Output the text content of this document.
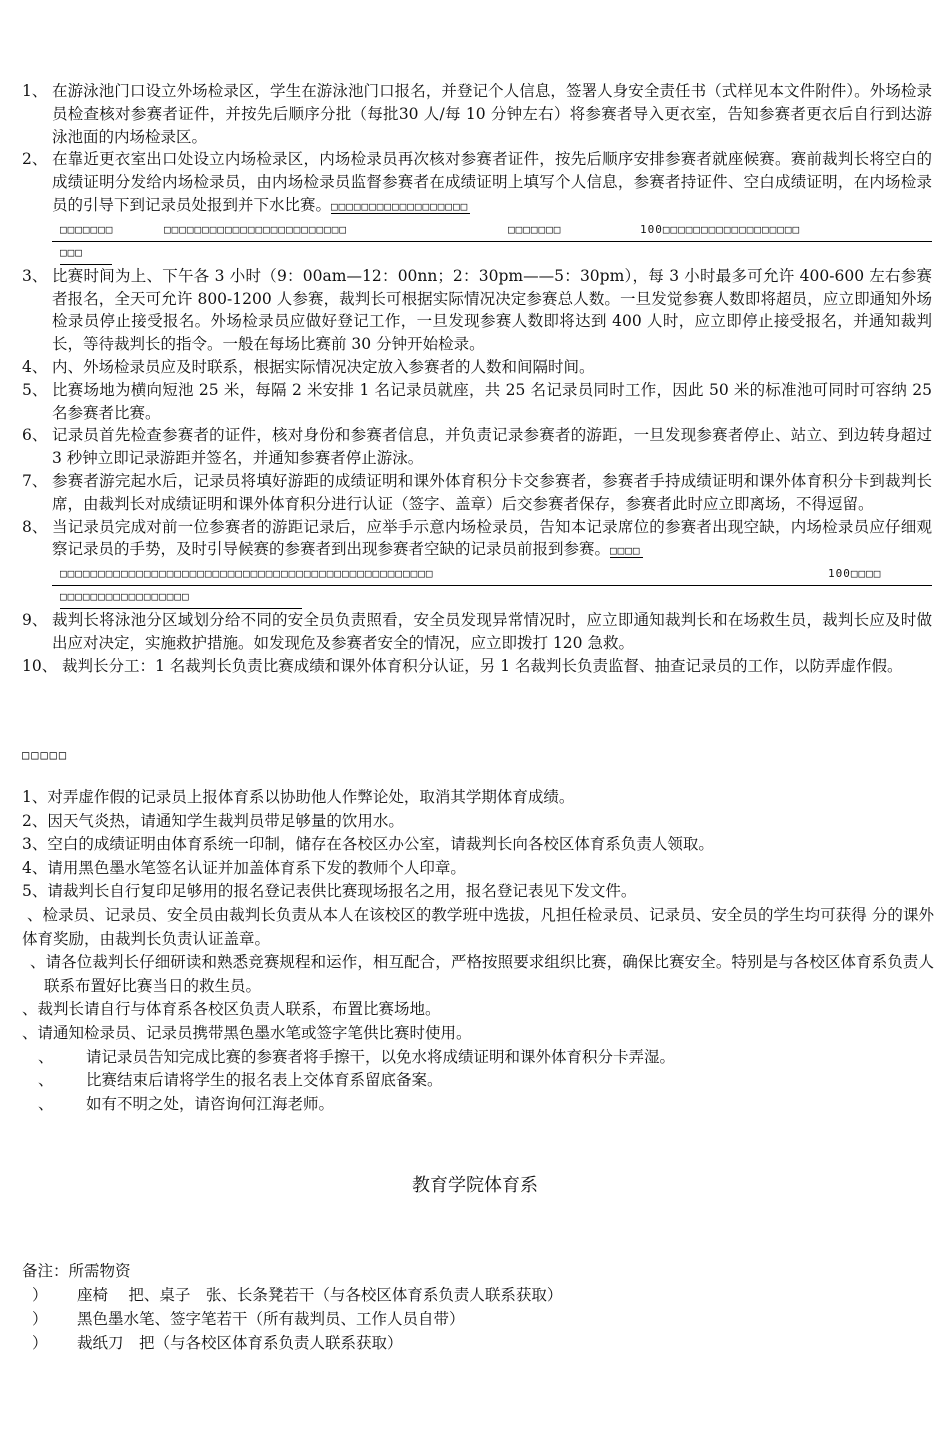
1、 在游泳池门口设立外场检录区，学生在游泳池门口报名，并登记个人信息，签署人身安全责任书（式样见本文件附件）。外场检录员检查核对参赛者证件，并按先后顺序分批（每批30 人/每 10 分钟左右）将参赛者导入更衣室，告知参赛者更衣后自行到达游泳池面的内场检录区。
2、 在靠近更衣室出口处设立内场检录区，内场检录员再次核对参赛者证件，按先后顺序安排参赛者就座候赛。赛前裁判长将空白的成绩证明分发给内场检录员，由内场检录员监督参赛者在成绩证明上填写个人信息，参赛者持证件、空白成绩证明，在内场检录员的引导下到记录员处报到并下水比赛。□□□□□□□□□□□□□□□□□□
□□□□□□□	□□□□□□□□□□□□□□□□□□□□□□□□	□□□□□□□	100□□□□□□□□□□□□□□□□□□
□□□
3、 比赛时间为上、下午各 3 小时（9：00am—12：00nn；2：30pm——5：30pm），每 3 小时最多可允许 400-600 左右参赛者报名，全天可允许 800-1200 人参赛，裁判长可根据实际情况决定参赛总人数。一旦发觉参赛人数即将超员，应立即通知外场检录员停止接受报名。外场检录员应做好登记工作，一旦发现参赛人数即将达到 400 人时，应立即停止接受报名，并通知裁判长，等待裁判长的指令。一般在每场比赛前 30 分钟开始检录。
4、 内、外场检录员应及时联系，根据实际情况决定放入参赛者的人数和间隔时间。
5、 比赛场地为横向短池 25 米，每隔 2 米安排 1 名记录员就座，共 25 名记录员同时工作，因此 50 米的标准池可同时可容纳 25 名参赛者比赛。
6、 记录员首先检查参赛者的证件，核对身份和参赛者信息，并负责记录参赛者的游距，一旦发现参赛者停止、站立、到边转身超过 3 秒钟立即记录游距并签名，并通知参赛者停止游泳。
7、 参赛者游完起水后，记录员将填好游距的成绩证明和课外体育积分卡交参赛者，参赛者手持成绩证明和课外体育积分卡到裁判长席，由裁判长对成绩证明和课外体育积分进行认证（签字、盖章）后交参赛者保存，参赛者此时应立即离场，不得逗留。
8、 当记录员完成对前一位参赛者的游距记录后，应举手示意内场检录员，告知本记录席位的参赛者出现空缺，内场检录员应仔细观察记录员的手势，及时引导候赛的参赛者到出现参赛者空缺的记录员前报到参赛。□□□□
□□□□□□□□□□□□□□□□□□□□□□□□□□□□□□□□□□□□□□□□□□□□□□□□□	100□□□□
□□□□□□□□□□□□□□□□□
9、 裁判长将泳池分区域划分给不同的安全员负责照看，安全员发现异常情况时，应立即通知裁判长和在场救生员，裁判长应及时做出应对决定，实施救护措施。如发现危及参赛者安全的情况，应立即拨打 120 急救。
10、 裁判长分工：1 名裁判长负责比赛成绩和课外体育积分认证，另 1 名裁判长负责监督、抽查记录员的工作，以防弄虚作假。
□□□□□
1、对弄虚作假的记录员上报体育系以协助他人作弊论处，取消其学期体育成绩。
2、因天气炎热，请通知学生裁判员带足够量的饮用水。
3、空白的成绩证明由体育系统一印制，储存在各校区办公室，请裁判长向各校区体育系负责人领取。
4、请用黑色墨水笔签名认证并加盖体育系下发的教师个人印章。
5、请裁判长自行复印足够用的报名登记表供比赛现场报名之用，报名登记表见下发文件。
、检录员、记录员、安全员由裁判长负责从本人在该校区的教学班中选拔，凡担任检录员、记录员、安全员的学生均可获得 分的课外体育奖励，由裁判长负责认证盖章。
、请各位裁判长仔细研读和熟悉竞赛规程和运作，相互配合，严格按照要求组织比赛，确保比赛安全。特别是与各校区体育系负责人联系布置好比赛当日的救生员。
、裁判长请自行与体育系各校区负责人联系，布置比赛场地。
、请通知检录员、记录员携带黑色墨水笔或签字笔供比赛时使用。
、 请记录员告知完成比赛的参赛者将手擦干，以免水将成绩证明和课外体育积分卡弄湿。
、 比赛结束后请将学生的报名表上交体育系留底备案。
、 如有不明之处，请咨询何江海老师。
教育学院体育系
备注：所需物资
） 座椅　 把、桌子　张、长条凳若干（与各校区体育系负责人联系获取）
） 黑色墨水笔、签字笔若干（所有裁判员、工作人员自带）
） 裁纸刀　把（与各校区体育系负责人联系获取）
